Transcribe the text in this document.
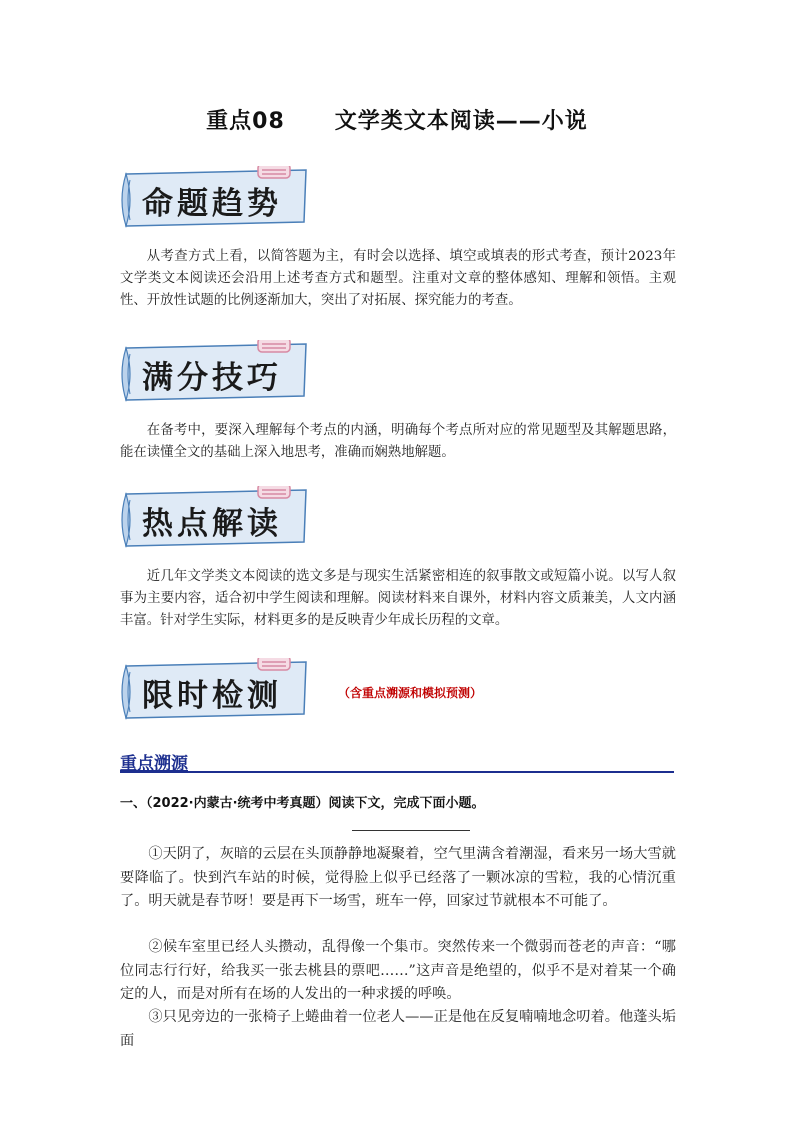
重点08 文学类文本阅读——小说
命题趋势

从考查方式上看，以简答题为主，有时会以选择、填空或填表的形式考查，预计2023年文学类文本阅读还会沿用上述考查方式和题型。注重对文章的整体感知、理解和领悟。主观性、开放性试题的比例逐渐加大，突出了对拓展、探究能力的考查。

满分技巧

在备考中，要深入理解每个考点的内涵，明确每个考点所对应的常见题型及其解题思路，能在读懂全文的基础上深入地思考，准确而娴熟地解题。

热点解读

近几年文学类文本阅读的选文多是与现实生活紧密相连的叙事散文或短篇小说。以写人叙事为主要内容，适合初中学生阅读和理解。阅读材料来自课外，材料内容文质兼美，人文内涵丰富。针对学生实际，材料更多的是反映青少年成长历程的文章。

限时检测	（含重点溯源和模拟预测）
重点溯源
一、（2022·内蒙古·统考中考真题）阅读下文，完成下面小题。

①天阴了，灰暗的云层在头顶静静地凝聚着，空气里满含着潮湿，看来另一场大雪就要降临了。快到汽车站的时候，觉得脸上似乎已经落了一颗冰凉的雪粒，我的心情沉重了。明天就是春节呀！要是再下一场雪，班车一停，回家过节就根本不可能了。

②候车室里已经人头攒动，乱得像一个集市。突然传来一个微弱而苍老的声音：“哪位同志行行好，给我买一张去桃县的票吧……”这声音是绝望的，似乎不是对着某一个确定的人，而是对所有在场的人发出的一种求援的呼唤。

③只见旁边的一张椅子上蜷曲着一位老人——正是他在反复喃喃地念叨着。他蓬头垢面
